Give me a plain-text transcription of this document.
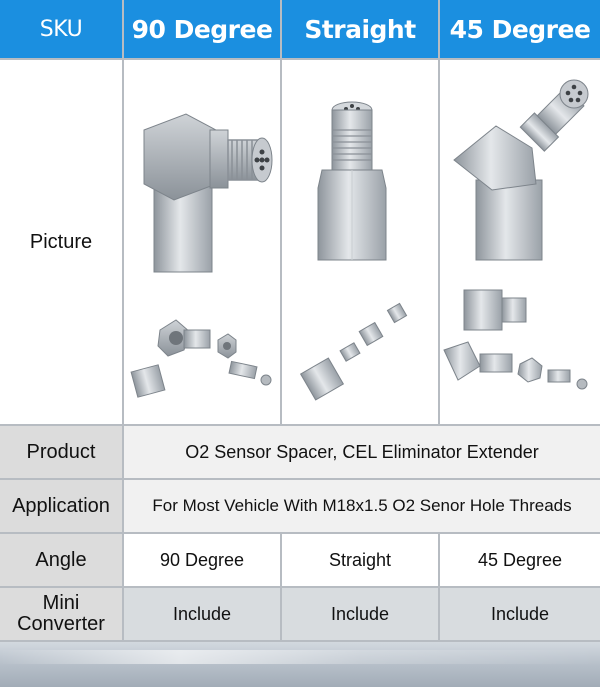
SKU	90 Degree	Straight	45 Degree
Picture
Product	O2 Sensor Spacer, CEL Eliminator Extender
Application	For Most Vehicle With M18x1.5 O2 Senor Hole Threads
Angle	90 Degree	Straight	45 Degree
Mini
Converter	Include	Include	Include
